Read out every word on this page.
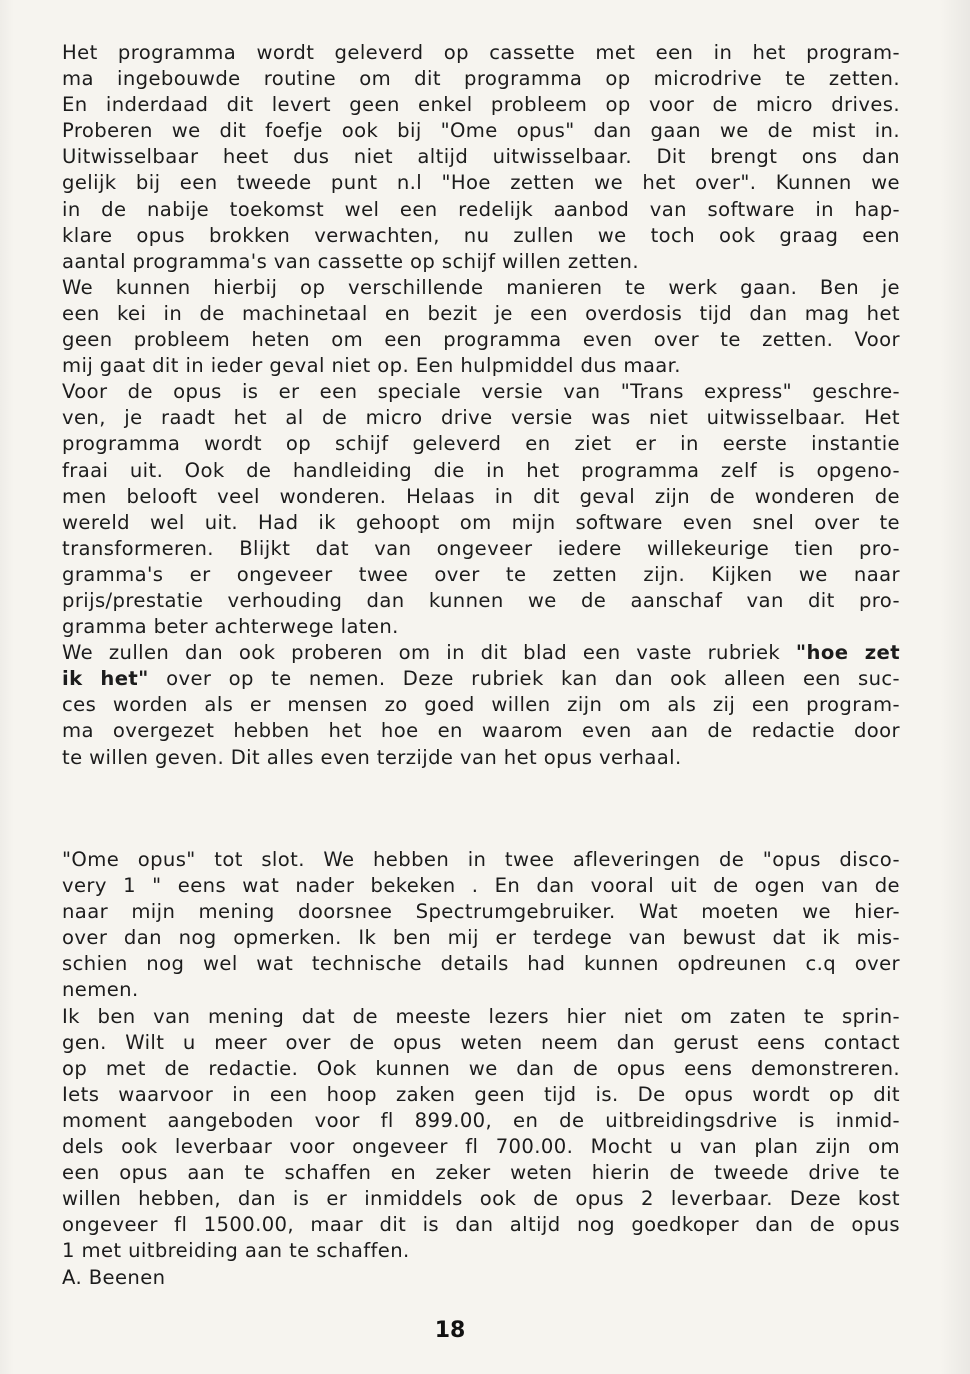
Het programma wordt geleverd op cassette met een in het program-
ma ingebouwde routine om dit programma op microdrive te zetten.
En inderdaad dit levert geen enkel probleem op voor de micro drives.
Proberen we dit foefje ook bij "Ome opus" dan gaan we de mist in.
Uitwisselbaar heet dus niet altijd uitwisselbaar. Dit brengt ons dan
gelijk bij een tweede punt n.l "Hoe zetten we het over". Kunnen we
in de nabije toekomst wel een redelijk aanbod van software in hap-
klare opus brokken verwachten, nu zullen we toch ook graag een
aantal programma's van cassette op schijf willen zetten.
We kunnen hierbij op verschillende manieren te werk gaan. Ben je
een kei in de machinetaal en bezit je een overdosis tijd dan mag het
geen probleem heten om een programma even over te zetten. Voor
mij gaat dit in ieder geval niet op. Een hulpmiddel dus maar.
Voor de opus is er een speciale versie van "Trans express" geschre-
ven, je raadt het al de micro drive versie was niet uitwisselbaar. Het
programma wordt op schijf geleverd en ziet er in eerste instantie
fraai uit. Ook de handleiding die in het programma zelf is opgeno-
men belooft veel wonderen. Helaas in dit geval zijn de wonderen de
wereld wel uit. Had ik gehoopt om mijn software even snel over te
transformeren. Blijkt dat van ongeveer iedere willekeurige tien pro-
gramma's er ongeveer twee over te zetten zijn. Kijken we naar
prijs/prestatie verhouding dan kunnen we de aanschaf van dit pro-
gramma beter achterwege laten.
We zullen dan ook proberen om in dit blad een vaste rubriek "hoe zet
ik het" over op te nemen. Deze rubriek kan dan ook alleen een suc-
ces worden als er mensen zo goed willen zijn om als zij een program-
ma overgezet hebben het hoe en waarom even aan de redactie door
te willen geven. Dit alles even terzijde van het opus verhaal.
"Ome opus" tot slot. We hebben in twee afleveringen de "opus disco-
very 1 " eens wat nader bekeken . En dan vooral uit de ogen van de
naar mijn mening doorsnee Spectrumgebruiker. Wat moeten we hier-
over dan nog opmerken. Ik ben mij er terdege van bewust dat ik mis-
schien nog wel wat technische details had kunnen opdreunen c.q over
nemen.
Ik ben van mening dat de meeste lezers hier niet om zaten te sprin-
gen. Wilt u meer over de opus weten neem dan gerust eens contact
op met de redactie. Ook kunnen we dan de opus eens demonstreren.
Iets waarvoor in een hoop zaken geen tijd is. De opus wordt op dit
moment aangeboden voor fl 899.00, en de uitbreidingsdrive is inmid-
dels ook leverbaar voor ongeveer fl 700.00. Mocht u van plan zijn om
een opus aan te schaffen en zeker weten hierin de tweede drive te
willen hebben, dan is er inmiddels ook de opus 2 leverbaar. Deze kost
ongeveer fl 1500.00, maar dit is dan altijd nog goedkoper dan de opus
1 met uitbreiding aan te schaffen.
A. Beenen
18
